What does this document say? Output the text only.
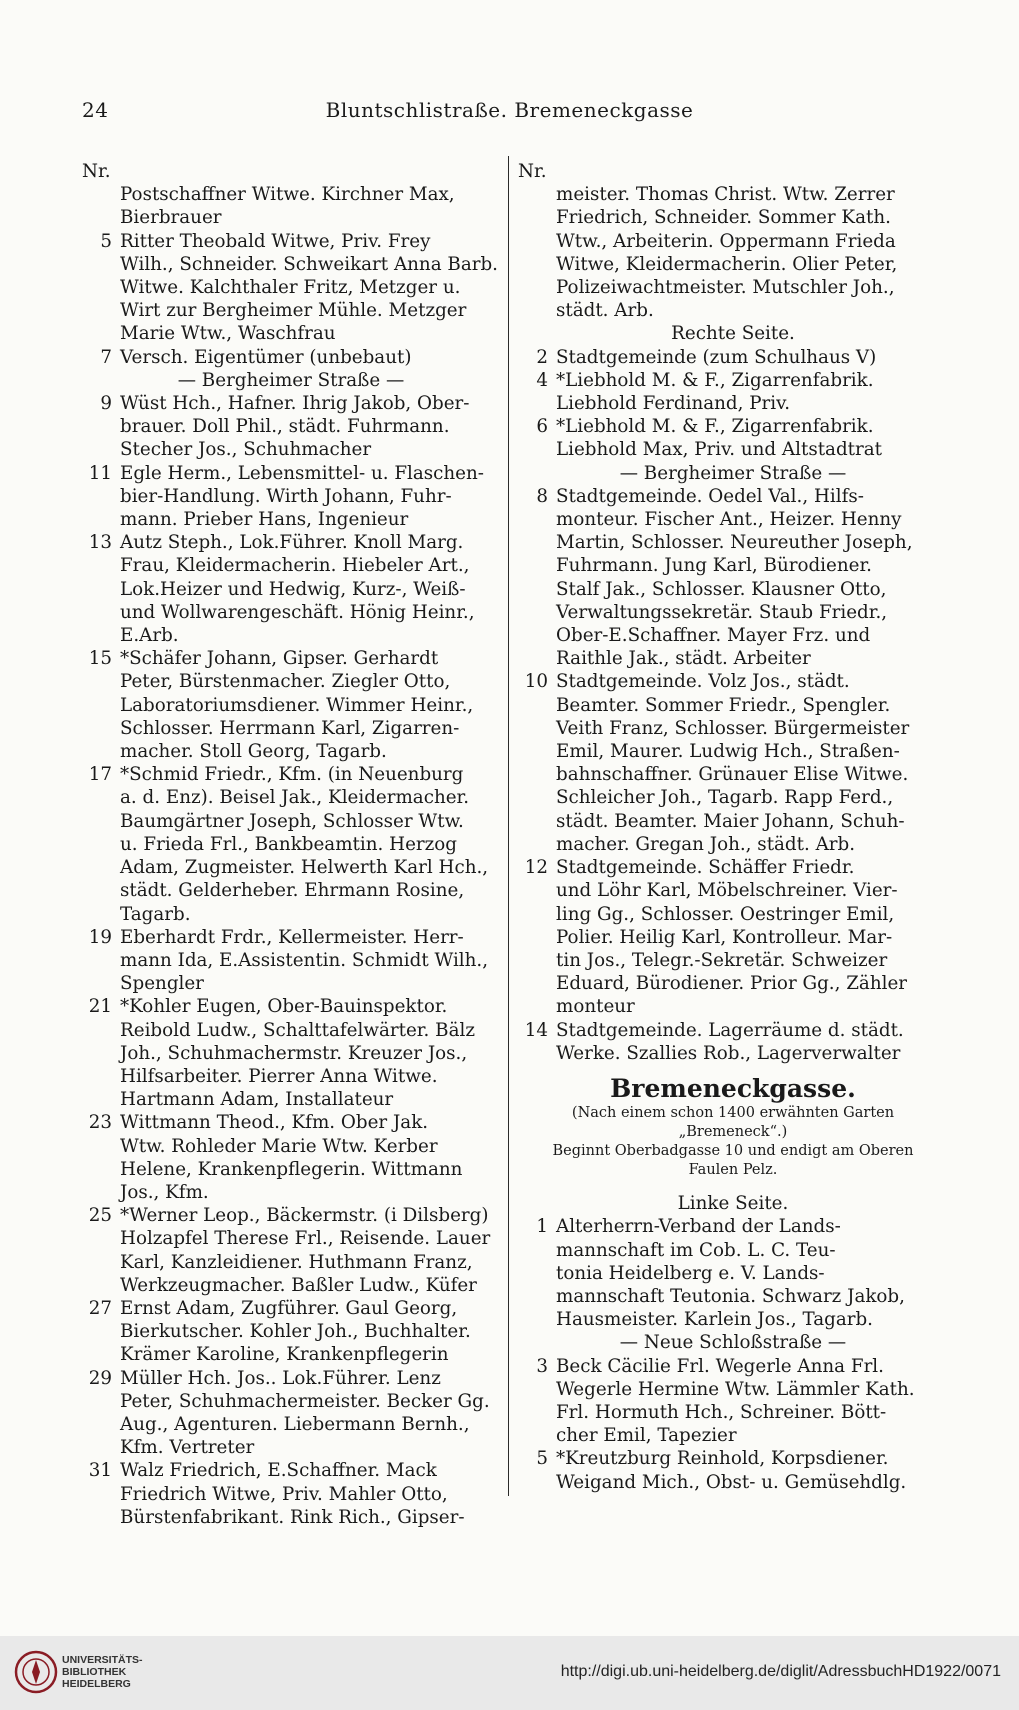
24	Bluntschlistraße. Bremeneckgasse
Nr.
Postschaffner Witwe. Kirchner Max,
Bierbrauer
5 Ritter Theobald Witwe, Priv. Frey
Wilh., Schneider. Schweikart Anna Barb.
Witwe. Kalchthaler Fritz, Metzger u.
Wirt zur Bergheimer Mühle. Metzger
Marie Wtw., Waschfrau
7 Versch. Eigentümer (unbebaut)
— Bergheimer Straße —
9 Wüst Hch., Hafner. Ihrig Jakob, Ober-
brauer. Doll Phil., städt. Fuhrmann.
Stecher Jos., Schuhmacher
11 Egle Herm., Lebensmittel- u. Flaschen-
bier-Handlung. Wirth Johann, Fuhr-
mann. Prieber Hans, Ingenieur
13 Autz Steph., Lok.Führer. Knoll Marg.
Frau, Kleidermacherin. Hiebeler Art.,
Lok.Heizer und Hedwig, Kurz-, Weiß-
und Wollwarengeschäft. Hönig Heinr.,
E.Arb.
15 *Schäfer Johann, Gipser. Gerhardt
Peter, Bürstenmacher. Ziegler Otto,
Laboratoriumsdiener. Wimmer Heinr.,
Schlosser. Herrmann Karl, Zigarren-
macher. Stoll Georg, Tagarb.
17 *Schmid Friedr., Kfm. (in Neuenburg
a. d. Enz). Beisel Jak., Kleidermacher.
Baumgärtner Joseph, Schlosser Wtw.
u. Frieda Frl., Bankbeamtin. Herzog
Adam, Zugmeister. Helwerth Karl Hch.,
städt. Gelderheber. Ehrmann Rosine,
Tagarb.
19 Eberhardt Frdr., Kellermeister. Herr-
mann Ida, E.Assistentin. Schmidt Wilh.,
Spengler
21 *Kohler Eugen, Ober-Bauinspektor.
Reibold Ludw., Schalttafelwärter. Bälz
Joh., Schuhmachermstr. Kreuzer Jos.,
Hilfsarbeiter. Pierrer Anna Witwe.
Hartmann Adam, Installateur
23 Wittmann Theod., Kfm. Ober Jak.
Wtw. Rohleder Marie Wtw. Kerber
Helene, Krankenpflegerin. Wittmann
Jos., Kfm.
25 *Werner Leop., Bäckermstr. (i Dilsberg)
Holzapfel Therese Frl., Reisende. Lauer
Karl, Kanzleidiener. Huthmann Franz,
Werkzeugmacher. Baßler Ludw., Küfer
27 Ernst Adam, Zugführer. Gaul Georg,
Bierkutscher. Kohler Joh., Buchhalter.
Krämer Karoline, Krankenpflegerin
29 Müller Hch. Jos.. Lok.Führer. Lenz
Peter, Schuhmachermeister. Becker Gg.
Aug., Agenturen. Liebermann Bernh.,
Kfm. Vertreter
31 Walz Friedrich, E.Schaffner. Mack
Friedrich Witwe, Priv. Mahler Otto,
Bürstenfabrikant. Rink Rich., Gipser-
Nr.
meister. Thomas Christ. Wtw. Zerrer
Friedrich, Schneider. Sommer Kath.
Wtw., Arbeiterin. Oppermann Frieda
Witwe, Kleidermacherin. Olier Peter,
Polizeiwachtmeister. Mutschler Joh.,
städt. Arb.
Rechte Seite.
2 Stadtgemeinde (zum Schulhaus V)
4 *Liebhold M. & F., Zigarrenfabrik.
Liebhold Ferdinand, Priv.
6 *Liebhold M. & F., Zigarrenfabrik.
Liebhold Max, Priv. und Altstadtrat
— Bergheimer Straße —
8 Stadtgemeinde. Oedel Val., Hilfs-
monteur. Fischer Ant., Heizer. Henny
Martin, Schlosser. Neureuther Joseph,
Fuhrmann. Jung Karl, Bürodiener.
Stalf Jak., Schlosser. Klausner Otto,
Verwaltungssekretär. Staub Friedr.,
Ober-E.Schaffner. Mayer Frz. und
Raithle Jak., städt. Arbeiter
10 Stadtgemeinde. Volz Jos., städt.
Beamter. Sommer Friedr., Spengler.
Veith Franz, Schlosser. Bürgermeister
Emil, Maurer. Ludwig Hch., Straßen-
bahnschaffner. Grünauer Elise Witwe.
Schleicher Joh., Tagarb. Rapp Ferd.,
städt. Beamter. Maier Johann, Schuh-
macher. Gregan Joh., städt. Arb.
12 Stadtgemeinde. Schäffer Friedr.
und Löhr Karl, Möbelschreiner. Vier-
ling Gg., Schlosser. Oestringer Emil,
Polier. Heilig Karl, Kontrolleur. Mar-
tin Jos., Telegr.-Sekretär. Schweizer
Eduard, Bürodiener. Prior Gg., Zähler
monteur
14 Stadtgemeinde. Lagerräume d. städt.
Werke. Szallies Rob., Lagerverwalter
Bremeneckgasse.
(Nach einem schon 1400 erwähnten Garten
„Bremeneck“.)
Beginnt Oberbadgasse 10 und endigt am Oberen
Faulen Pelz.
Linke Seite.
1 Alterherrn-Verband der Lands-
mannschaft im Cob. L. C. Teu-
tonia Heidelberg e. V. Lands-
mannschaft Teutonia. Schwarz Jakob,
Hausmeister. Karlein Jos., Tagarb.
— Neue Schloßstraße —
3 Beck Cäcilie Frl. Wegerle Anna Frl.
Wegerle Hermine Wtw. Lämmler Kath.
Frl. Hormuth Hch., Schreiner. Bött-
cher Emil, Tapezier
5 *Kreutzburg Reinhold, Korpsdiener.
Weigand Mich., Obst- u. Gemüsehdlg.
UNIVERSITÄTS-
BIBLIOTHEK
HEIDELBERG
http://digi.ub.uni-heidelberg.de/diglit/AdressbuchHD1922/0071
